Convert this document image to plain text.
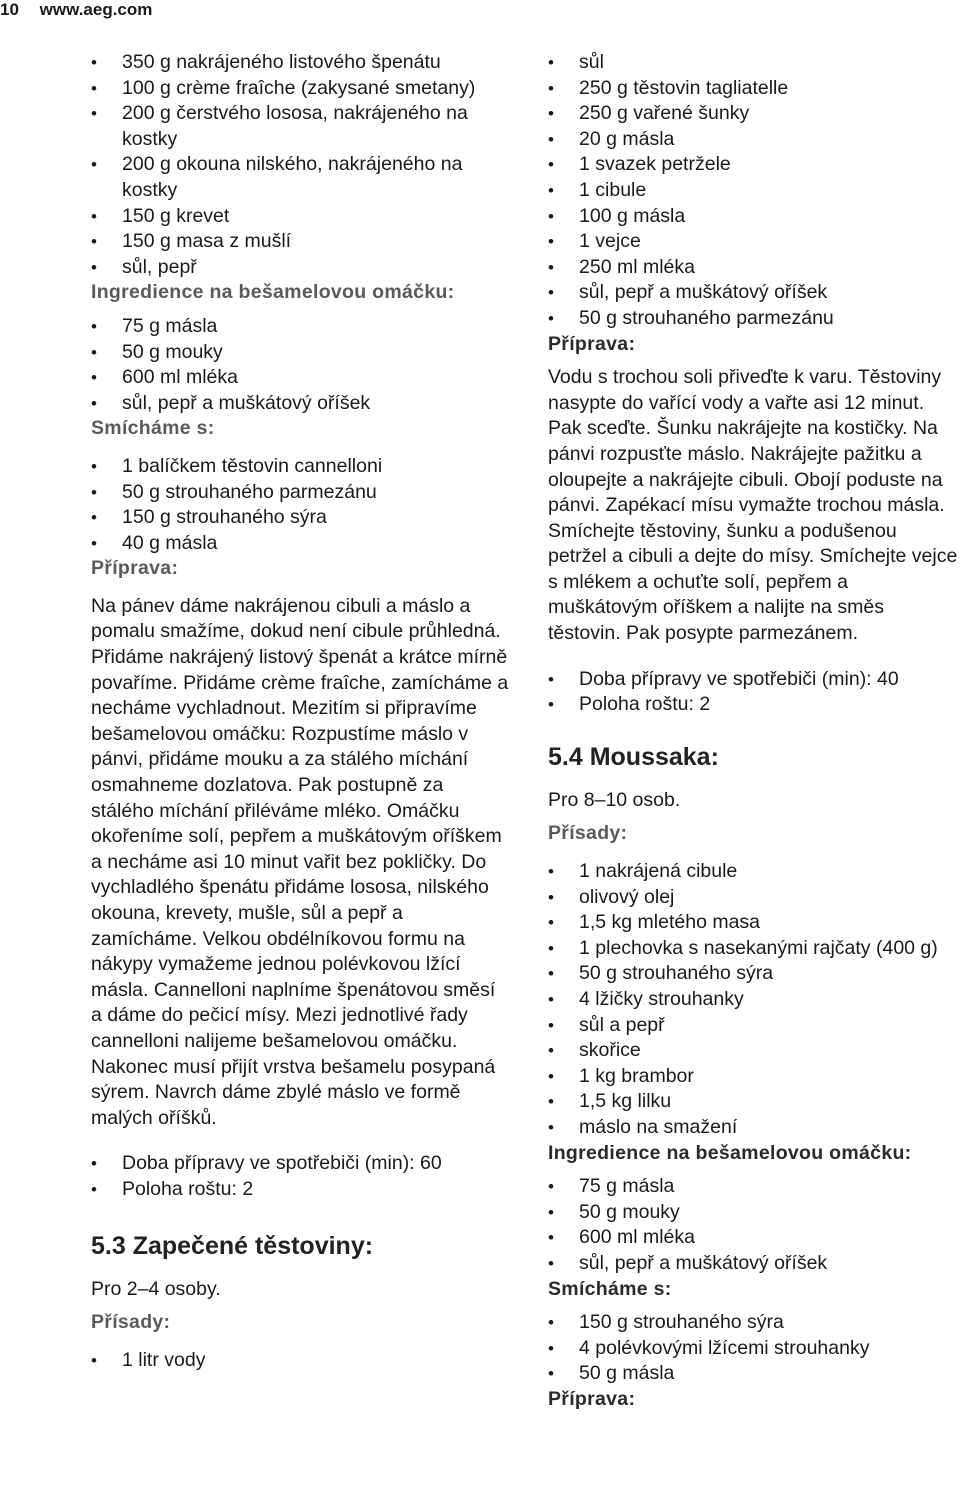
10 www.aeg.com
• 350 g nakrájeného listového špenátu
• 100 g crème fraîche (zakysané smetany)
• 200 g čerstvého lososa, nakrájeného na kostky
• 200 g okouna nilského, nakrájeného na kostky
• 150 g krevet
• 150 g masa z mušlí
• sůl, pepř
Ingredience na bešamelovou omáčku:
• 75 g másla
• 50 g mouky
• 600 ml mléka
• sůl, pepř a muškátový oříšek
Smícháme s:
• 1 balíčkem těstovin cannelloni
• 50 g strouhaného parmezánu
• 150 g strouhaného sýra
• 40 g másla
Příprava:

Na pánev dáme nakrájenou cibuli a máslo a pomalu smažíme, dokud není cibule průhledná. Přidáme nakrájený listový špenát a krátce mírně povaříme. Přidáme crème fraîche, zamícháme a necháme vychladnout. Mezitím si připravíme bešamelovou omáčku: Rozpustíme máslo v pánvi, přidáme mouku a za stálého míchání osmahneme dozlatova. Pak postupně za stálého míchání přiléváme mléko. Omáčku okořeníme solí, pepřem a muškátovým oříškem a necháme asi 10 minut vařit bez pokličky. Do vychladlého špenátu přidáme lososa, nilského okouna, krevety, mušle, sůl a pepř a zamícháme. Velkou obdélníkovou formu na nákypy vymažeme jednou polévkovou lžící másla. Cannelloni naplníme špenátovou směsí a dáme do pečicí mísy. Mezi jednotlivé řady cannelloni nalijeme bešamelovou omáčku. Nakonec musí přijít vrstva bešamelu posypaná sýrem. Navrch dáme zbylé máslo ve formě malých oříšků.

• Doba přípravy ve spotřebiči (min): 60
• Poloha roštu: 2
5.3 Zapečené těstoviny:
Pro 2–4 osoby.
Přísady:
• 1 litr vody
• sůl
• 250 g těstovin tagliatelle
• 250 g vařené šunky
• 20 g másla
• 1 svazek petržele
• 1 cibule
• 100 g másla
• 1 vejce
• 250 ml mléka
• sůl, pepř a muškátový oříšek
• 50 g strouhaného parmezánu
Příprava:

Vodu s trochou soli přiveďte k varu. Těstoviny nasypte do vařící vody a vařte asi 12 minut. Pak sceďte. Šunku nakrájejte na kostičky. Na pánvi rozpusťte máslo. Nakrájejte pažitku a oloupejte a nakrájejte cibuli. Obojí poduste na pánvi. Zapékací mísu vymažte trochou másla. Smíchejte těstoviny, šunku a podušenou petržel a cibuli a dejte do mísy. Smíchejte vejce s mlékem a ochuťte solí, pepřem a muškátovým oříškem a nalijte na směs těstovin. Pak posypte parmezánem.

• Doba přípravy ve spotřebiči (min): 40
• Poloha roštu: 2
5.4 Moussaka:
Pro 8–10 osob.
Přísady:
• 1 nakrájená cibule
• olivový olej
• 1,5 kg mletého masa
• 1 plechovka s nasekanými rajčaty (400 g)
• 50 g strouhaného sýra
• 4 lžičky strouhanky
• sůl a pepř
• skořice
• 1 kg brambor
• 1,5 kg lilku
• máslo na smažení
Ingredience na bešamelovou omáčku:
• 75 g másla
• 50 g mouky
• 600 ml mléka
• sůl, pepř a muškátový oříšek
Smícháme s:
• 150 g strouhaného sýra
• 4 polévkovými lžícemi strouhanky
• 50 g másla
Příprava:
